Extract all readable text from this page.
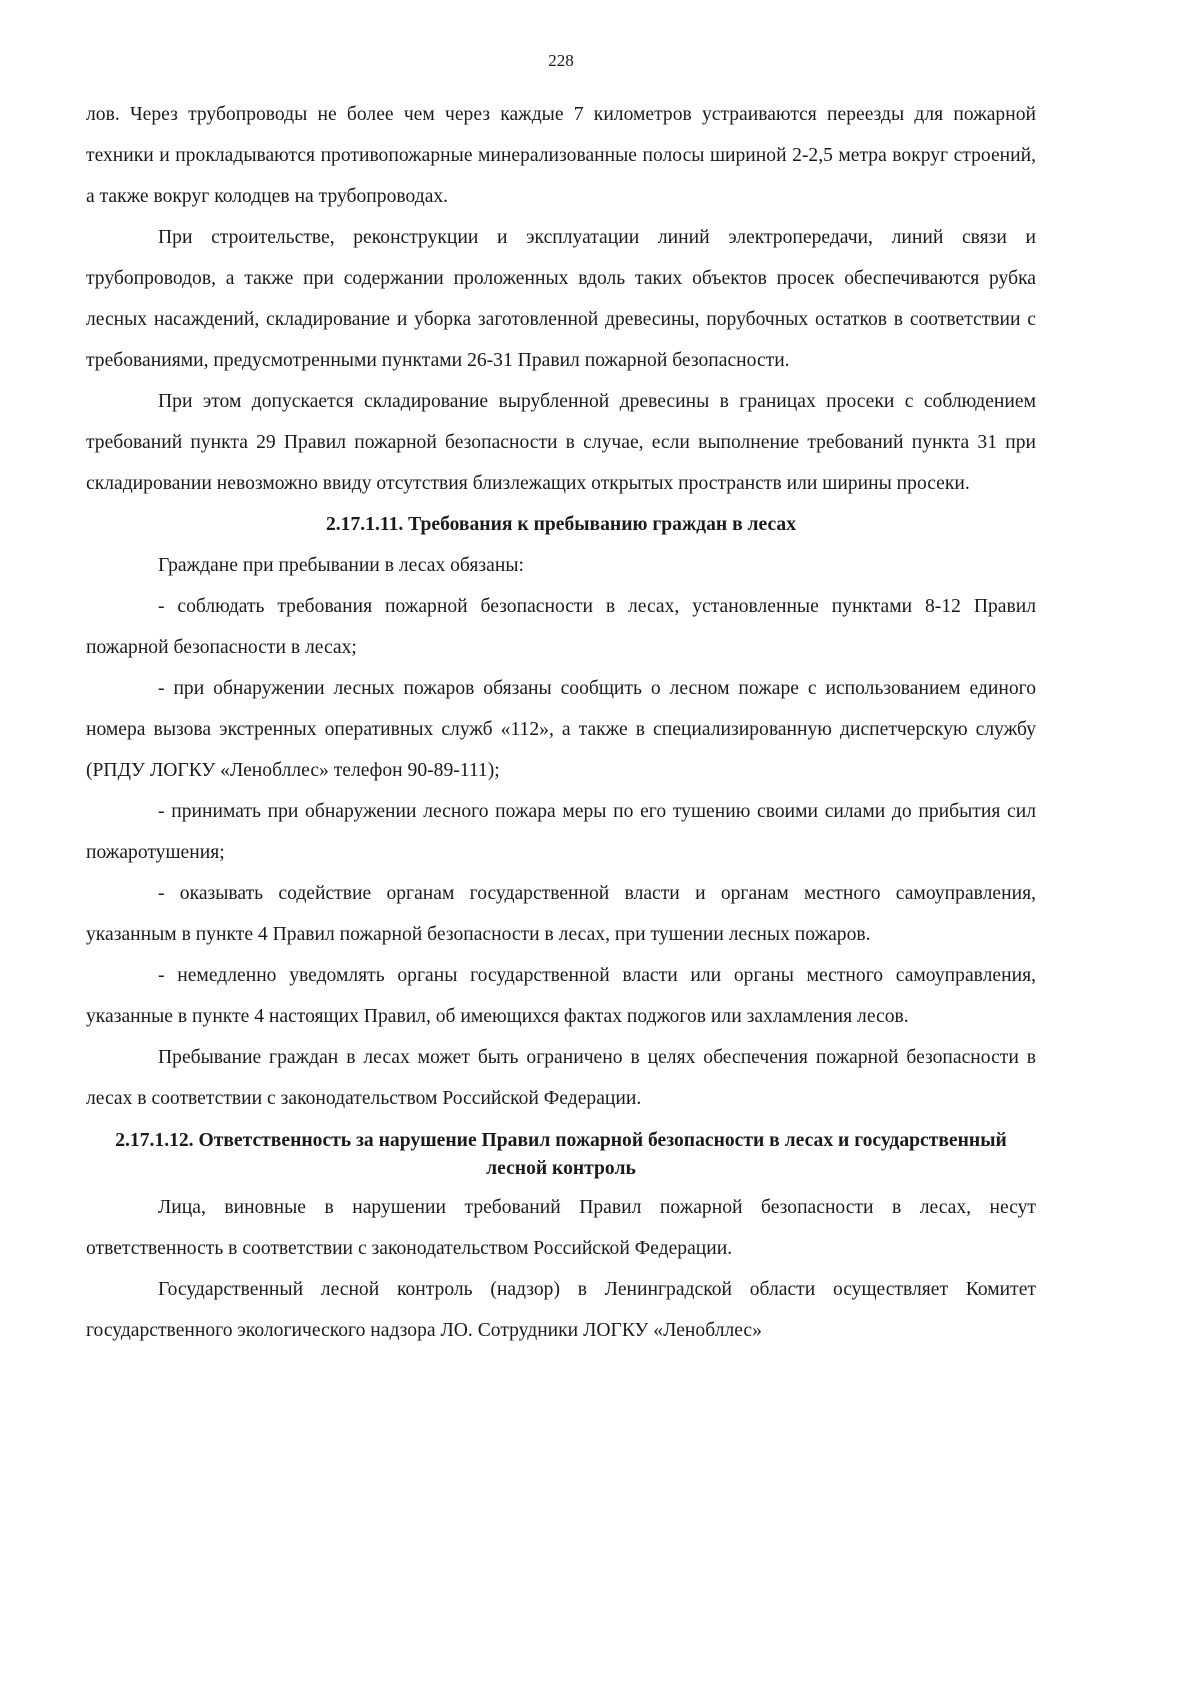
228

лов. Через трубопроводы не более чем через каждые 7 километров устраиваются переезды для пожарной техники и прокладываются противопожарные минерализованные полосы шириной 2-2,5 метра вокруг строений, а также вокруг колодцев на трубопроводах.

При строительстве, реконструкции и эксплуатации линий электропередачи, линий связи и трубопроводов, а также при содержании проложенных вдоль таких объектов просек обеспечиваются рубка лесных насаждений, складирование и уборка заготовленной древесины, порубочных остатков в соответствии с требованиями, предусмотренными пунктами 26-31 Правил пожарной безопасности.

При этом допускается складирование вырубленной древесины в границах просеки с соблюдением требований пункта 29 Правил пожарной безопасности в случае, если выполнение требований пункта 31 при складировании невозможно ввиду отсутствия близлежащих открытых пространств или ширины просеки.

2.17.1.11. Требования к пребыванию граждан в лесах

Граждане при пребывании в лесах обязаны:

- соблюдать требования пожарной безопасности в лесах, установленные пунктами 8-12 Правил пожарной безопасности в лесах;

- при обнаружении лесных пожаров обязаны сообщить о лесном пожаре с использованием единого номера вызова экстренных оперативных служб «112», а также в специализированную диспетчерскую службу (РПДУ ЛОГКУ «Ленобллес» телефон 90-89-111);

- принимать при обнаружении лесного пожара меры по его тушению своими силами до прибытия сил пожаротушения;

- оказывать содействие органам государственной власти и органам местного самоуправления, указанным в пункте 4 Правил пожарной безопасности в лесах, при тушении лесных пожаров.

- немедленно уведомлять органы государственной власти или органы местного самоуправления, указанные в пункте 4 настоящих Правил, об имеющихся фактах поджогов или захламления лесов.

Пребывание граждан в лесах может быть ограничено в целях обеспечения пожарной безопасности в лесах в соответствии с законодательством Российской Федерации.

2.17.1.12. Ответственность за нарушение Правил пожарной безопасности в лесах и государственный лесной контроль

Лица, виновные в нарушении требований Правил пожарной безопасности в лесах, несут ответственность в соответствии с законодательством Российской Федерации.

Государственный лесной контроль (надзор) в Ленинградской области осуществляет Комитет государственного экологического надзора ЛО. Сотрудники ЛОГКУ «Ленобллес»
